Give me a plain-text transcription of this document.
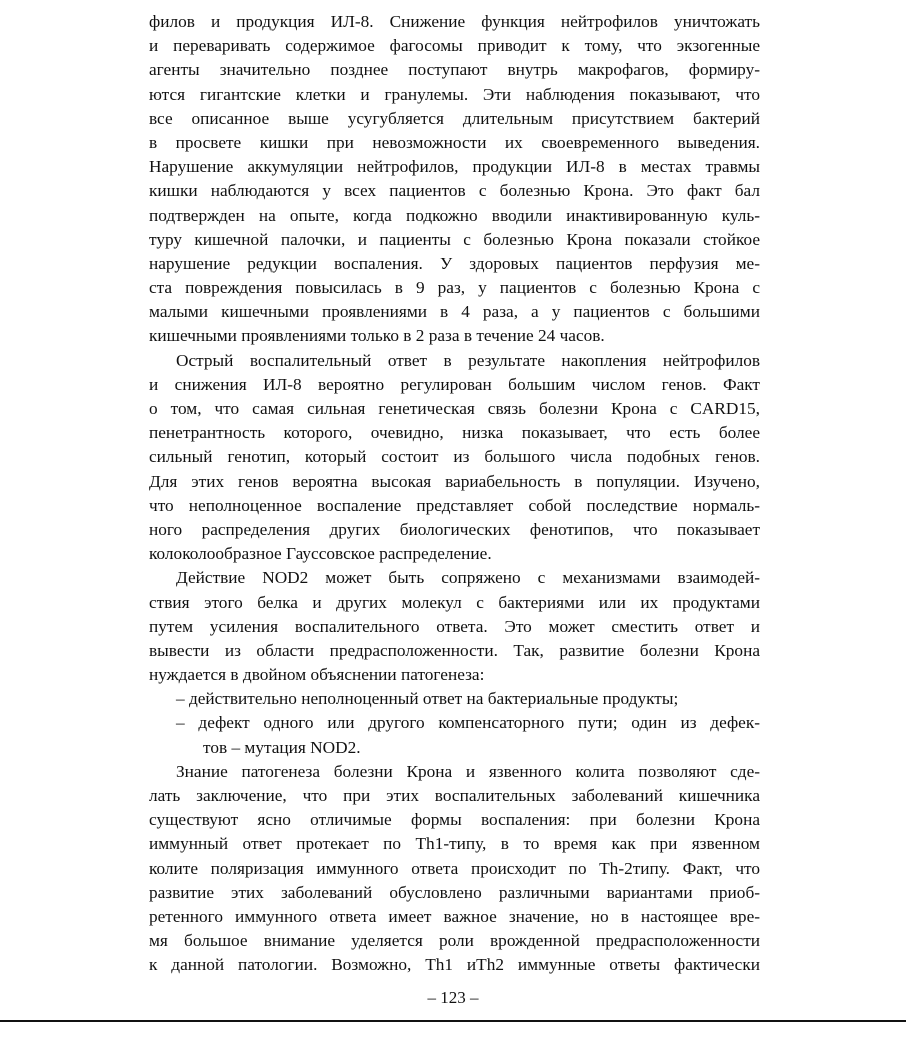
филов и продукция ИЛ-8. Снижение функция нейтрофилов уничтожать
и переваривать содержимое фагосомы приводит к тому, что экзогенные
агенты значительно позднее поступают внутрь макрофагов, формиру-
ются гигантские клетки и гранулемы. Эти наблюдения показывают, что
все описанное выше усугубляется длительным присутствием бактерий
в просвете кишки при невозможности их своевременного выведения.
Нарушение аккумуляции нейтрофилов, продукции ИЛ-8 в местах травмы
кишки наблюдаются у всех пациентов с болезнью Крона. Это факт бал
подтвержден на опыте, когда подкожно вводили инактивированную куль-
туру кишечной палочки, и пациенты с болезнью Крона показали стойкое
нарушение редукции воспаления. У здоровых пациентов перфузия ме-
ста повреждения повысилась в 9 раз, у пациентов с болезнью Крона с
малыми кишечными проявлениями в 4 раза, а у пациентов с большими
кишечными проявлениями только в 2 раза в течение 24 часов.
Острый воспалительный ответ в результате накопления нейтрофилов
и снижения ИЛ-8 вероятно регулирован большим числом генов. Факт
о том, что самая сильная генетическая связь болезни Крона с CARD15,
пенетрантность которого, очевидно, низка показывает, что есть более
сильный генотип, который состоит из большого числа подобных генов.
Для этих генов вероятна высокая вариабельность в популяции. Изучено,
что неполноценное воспаление представляет собой последствие нормаль-
ного распределения других биологических фенотипов, что показывает
колоколообразное Гауссовское распределение.
Действие NOD2 может быть сопряжено с механизмами взаимодей-
ствия этого белка и других молекул с бактериями или их продуктами
путем усиления воспалительного ответа. Это может сместить ответ и
вывести из области предрасположенности. Так, развитие болезни Крона
нуждается в двойном объяснении патогенеза:
– действительно неполноценный ответ на бактериальные продукты;
– дефект одного или другого компенсаторного пути; один из дефек-
тов – мутация NOD2.
Знание патогенеза болезни Крона и язвенного колита позволяют сде-
лать заключение, что при этих воспалительных заболеваний кишечника
существуют ясно отличимые формы воспаления: при болезни Крона
иммунный ответ протекает по Th1-типу, в то время как при язвенном
колите поляризация иммунного ответа происходит по Th-2типу. Факт, что
развитие этих заболеваний обусловлено различными вариантами приоб-
ретенного иммунного ответа имеет важное значение, но в настоящее вре-
мя большое внимание уделяется роли врожденной предрасположенности
к данной патологии. Возможно, Th1 иTh2 иммунные ответы фактически
– 123 –
